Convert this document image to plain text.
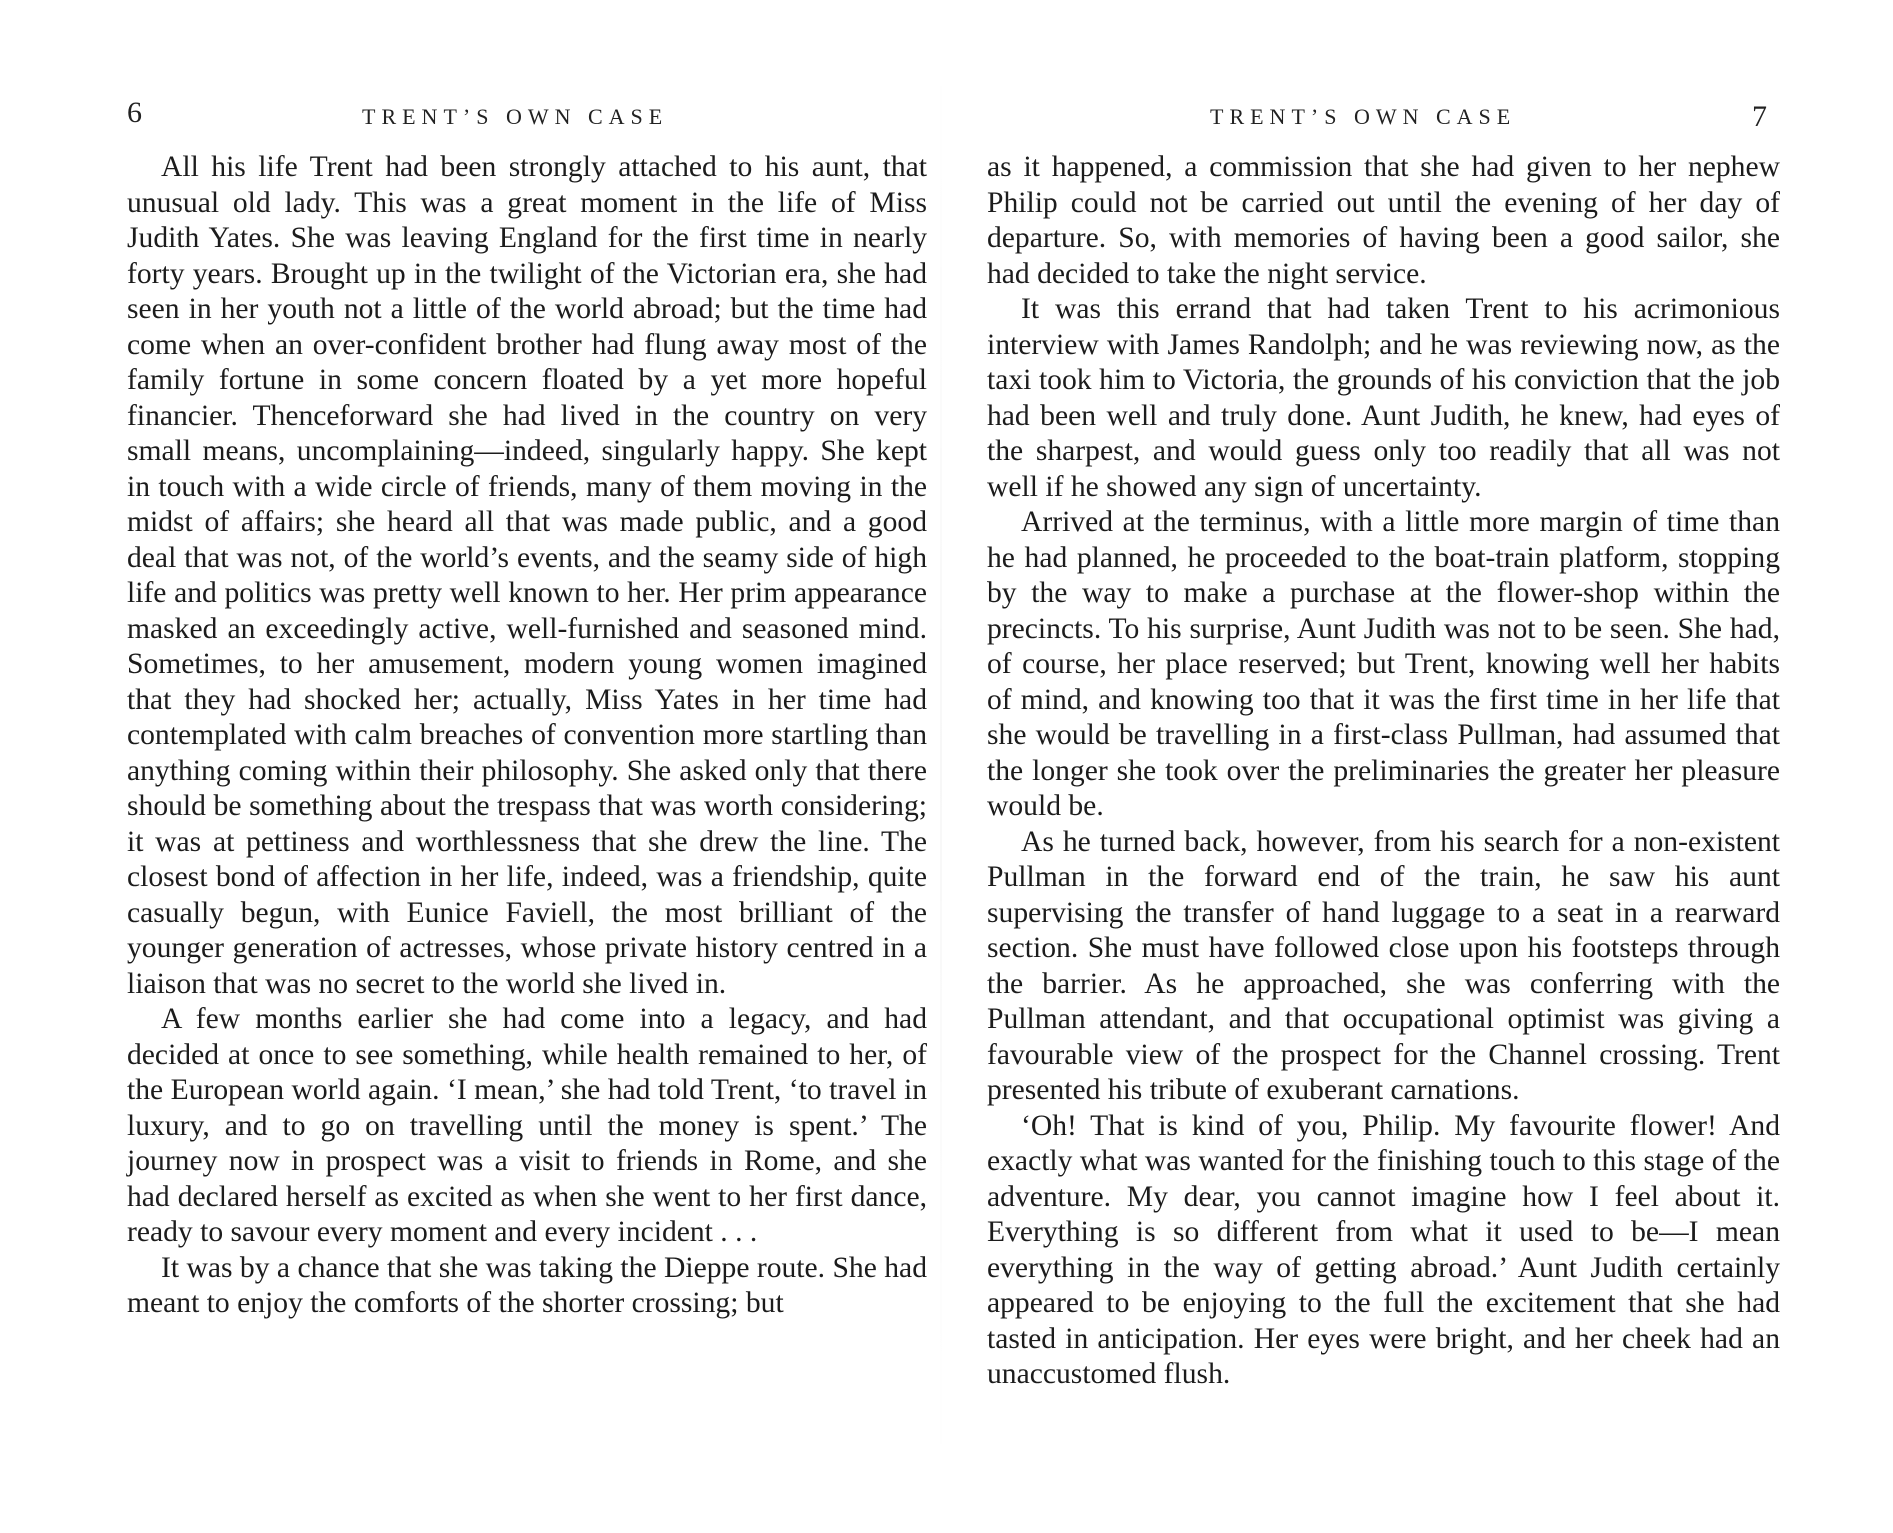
6	TRENT’S OWN CASE

All his life Trent had been strongly attached to his aunt, that unusual old lady. This was a great moment in the life of Miss Judith Yates. She was leaving England for the first time in nearly forty years. Brought up in the twilight of the Victorian era, she had seen in her youth not a little of the world abroad; but the time had come when an over-confident brother had flung away most of the family fortune in some concern floated by a yet more hopeful financier. Thenceforward she had lived in the country on very small means, uncomplaining—indeed, singularly happy. She kept in touch with a wide circle of friends, many of them moving in the midst of affairs; she heard all that was made public, and a good deal that was not, of the world’s events, and the seamy side of high life and politics was pretty well known to her. Her prim appearance masked an exceedingly active, well-furnished and seasoned mind. Sometimes, to her amusement, modern young women imagined that they had shocked her; actually, Miss Yates in her time had contemplated with calm breaches of convention more startling than anything coming within their philosophy. She asked only that there should be something about the trespass that was worth considering; it was at pettiness and worthlessness that she drew the line. The closest bond of affection in her life, indeed, was a friendship, quite casually begun, with Eunice Faviell, the most brilliant of the younger generation of actresses, whose private history centred in a liaison that was no secret to the world she lived in.

A few months earlier she had come into a legacy, and had decided at once to see something, while health remained to her, of the European world again. ‘I mean,’ she had told Trent, ‘to travel in luxury, and to go on travelling until the money is spent.’ The journey now in prospect was a visit to friends in Rome, and she had declared herself as excited as when she went to her first dance, ready to savour every moment and every incident . . .

It was by a chance that she was taking the Dieppe route. She had meant to enjoy the comforts of the shorter crossing; but

TRENT’S OWN CASE	7

as it happened, a commission that she had given to her nephew Philip could not be carried out until the evening of her day of departure. So, with memories of having been a good sailor, she had decided to take the night service.

It was this errand that had taken Trent to his acrimonious interview with James Randolph; and he was reviewing now, as the taxi took him to Victoria, the grounds of his conviction that the job had been well and truly done. Aunt Judith, he knew, had eyes of the sharpest, and would guess only too readily that all was not well if he showed any sign of uncertainty.

Arrived at the terminus, with a little more margin of time than he had planned, he proceeded to the boat-train platform, stopping by the way to make a purchase at the flower-shop within the precincts. To his surprise, Aunt Judith was not to be seen. She had, of course, her place reserved; but Trent, knowing well her habits of mind, and knowing too that it was the first time in her life that she would be travelling in a first-class Pullman, had assumed that the longer she took over the preliminaries the greater her pleasure would be.

As he turned back, however, from his search for a non-existent Pullman in the forward end of the train, he saw his aunt supervising the transfer of hand luggage to a seat in a rearward section. She must have followed close upon his footsteps through the barrier. As he approached, she was conferring with the Pullman attendant, and that occupational optimist was giving a favourable view of the prospect for the Channel crossing. Trent presented his tribute of exuberant carnations.

‘Oh! That is kind of you, Philip. My favourite flower! And exactly what was wanted for the finishing touch to this stage of the adventure. My dear, you cannot imagine how I feel about it. Everything is so different from what it used to be—I mean everything in the way of getting abroad.’ Aunt Judith certainly appeared to be enjoying to the full the excitement that she had tasted in anticipation. Her eyes were bright, and her cheek had an unaccustomed flush.
